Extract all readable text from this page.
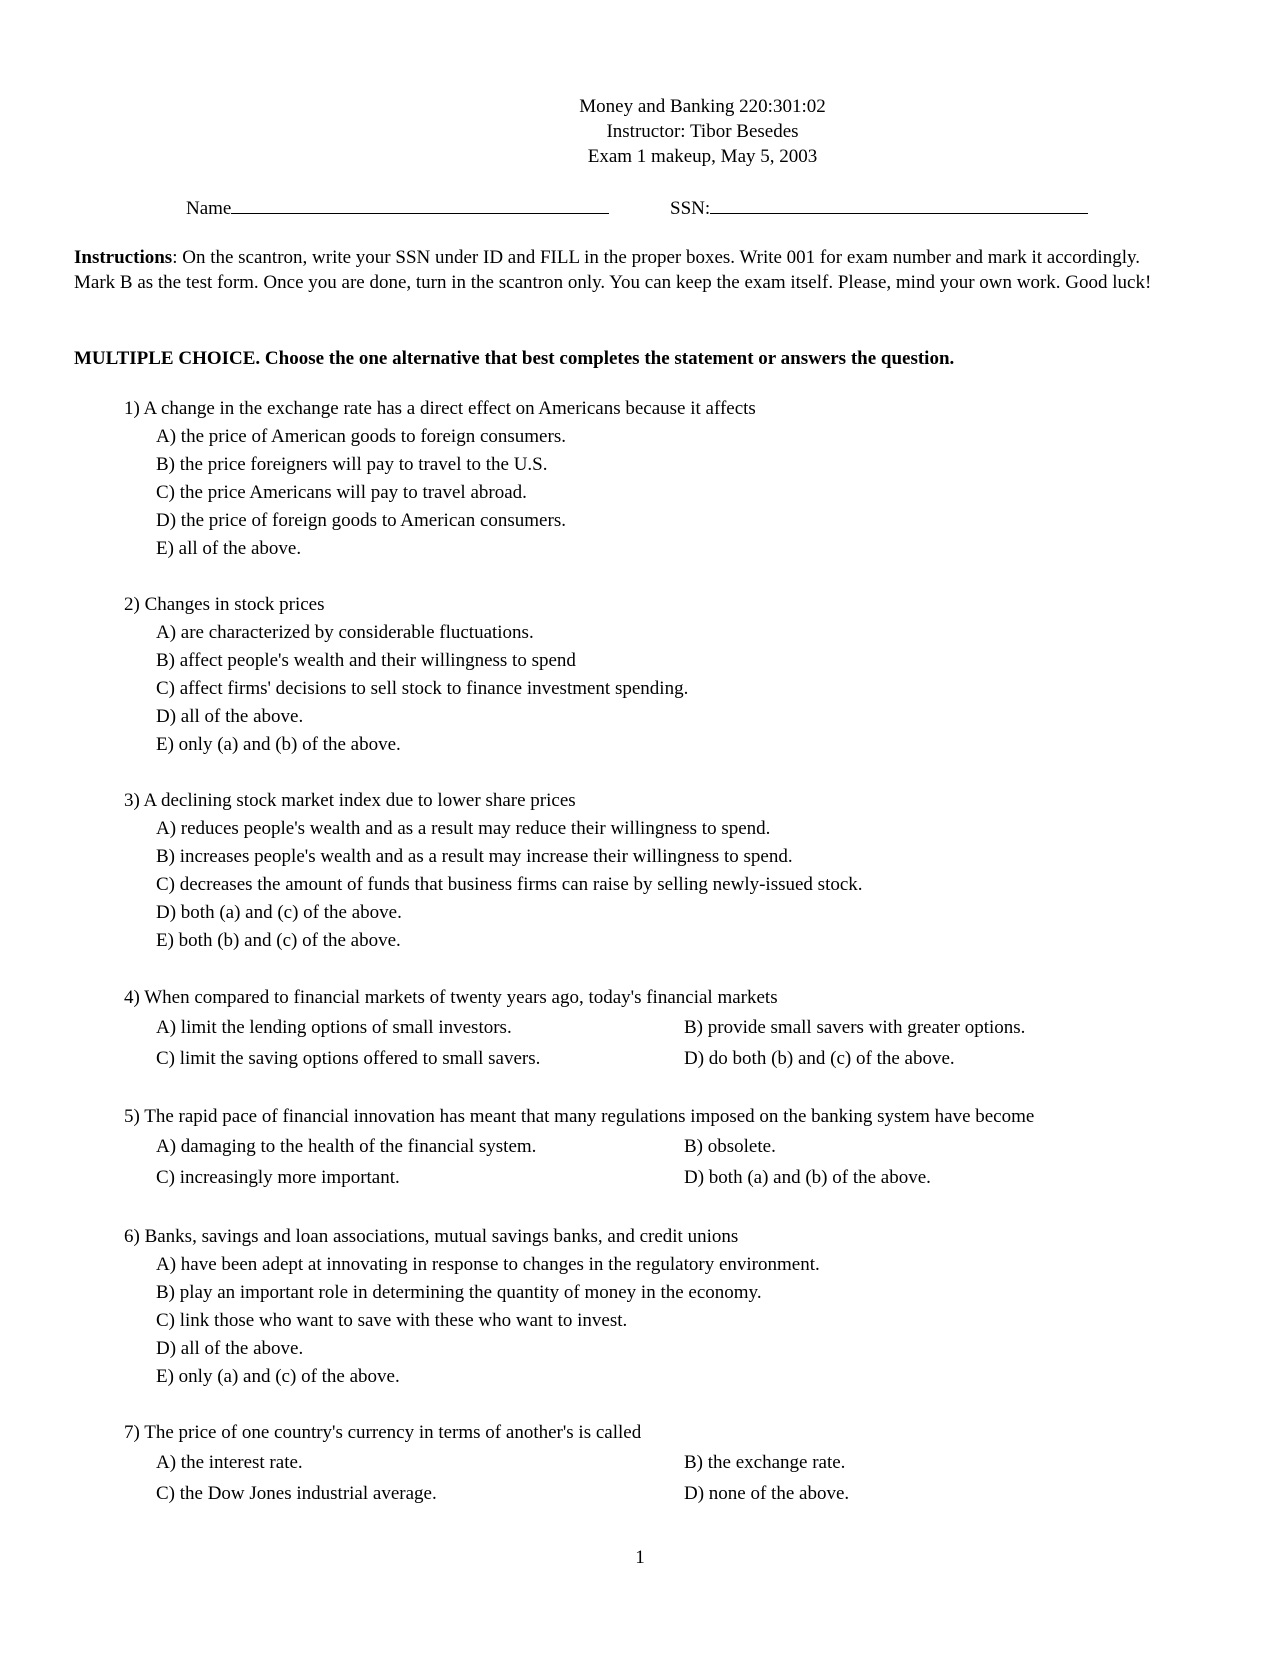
Money and Banking 220:301:02
Instructor: Tibor Besedes
Exam 1 makeup, May 5, 2003
Name	SSN:
Instructions: On the scantron, write your SSN under ID and FILL in the proper boxes. Write 001 for exam number and mark it accordingly. Mark B as the test form. Once you are done, turn in the scantron only. You can keep the exam itself. Please, mind your own work. Good luck!
MULTIPLE CHOICE. Choose the one alternative that best completes the statement or answers the question.
1) A change in the exchange rate has a direct effect on Americans because it affects
A) the price of American goods to foreign consumers.
B) the price foreigners will pay to travel to the U.S.
C) the price Americans will pay to travel abroad.
D) the price of foreign goods to American consumers.
E) all of the above.
2) Changes in stock prices
A) are characterized by considerable fluctuations.
B) affect people's wealth and their willingness to spend
C) affect firms' decisions to sell stock to finance investment spending.
D) all of the above.
E) only (a) and (b) of the above.
3) A declining stock market index due to lower share prices
A) reduces people's wealth and as a result may reduce their willingness to spend.
B) increases people's wealth and as a result may increase their willingness to spend.
C) decreases the amount of funds that business firms can raise by selling newly-issued stock.
D) both (a) and (c) of the above.
E) both (b) and (c) of the above.
4) When compared to financial markets of twenty years ago, today's financial markets
A) limit the lending options of small investors.	B) provide small savers with greater options.
C) limit the saving options offered to small savers.	D) do both (b) and (c) of the above.
5) The rapid pace of financial innovation has meant that many regulations imposed on the banking system have become
A) damaging to the health of the financial system.	B) obsolete.
C) increasingly more important.	D) both (a) and (b) of the above.
6) Banks, savings and loan associations, mutual savings banks, and credit unions
A) have been adept at innovating in response to changes in the regulatory environment.
B) play an important role in determining the quantity of money in the economy.
C) link those who want to save with these who want to invest.
D) all of the above.
E) only (a) and (c) of the above.
7) The price of one country's currency in terms of another's is called
A) the interest rate.	B) the exchange rate.
C) the Dow Jones industrial average.	D) none of the above.
1
